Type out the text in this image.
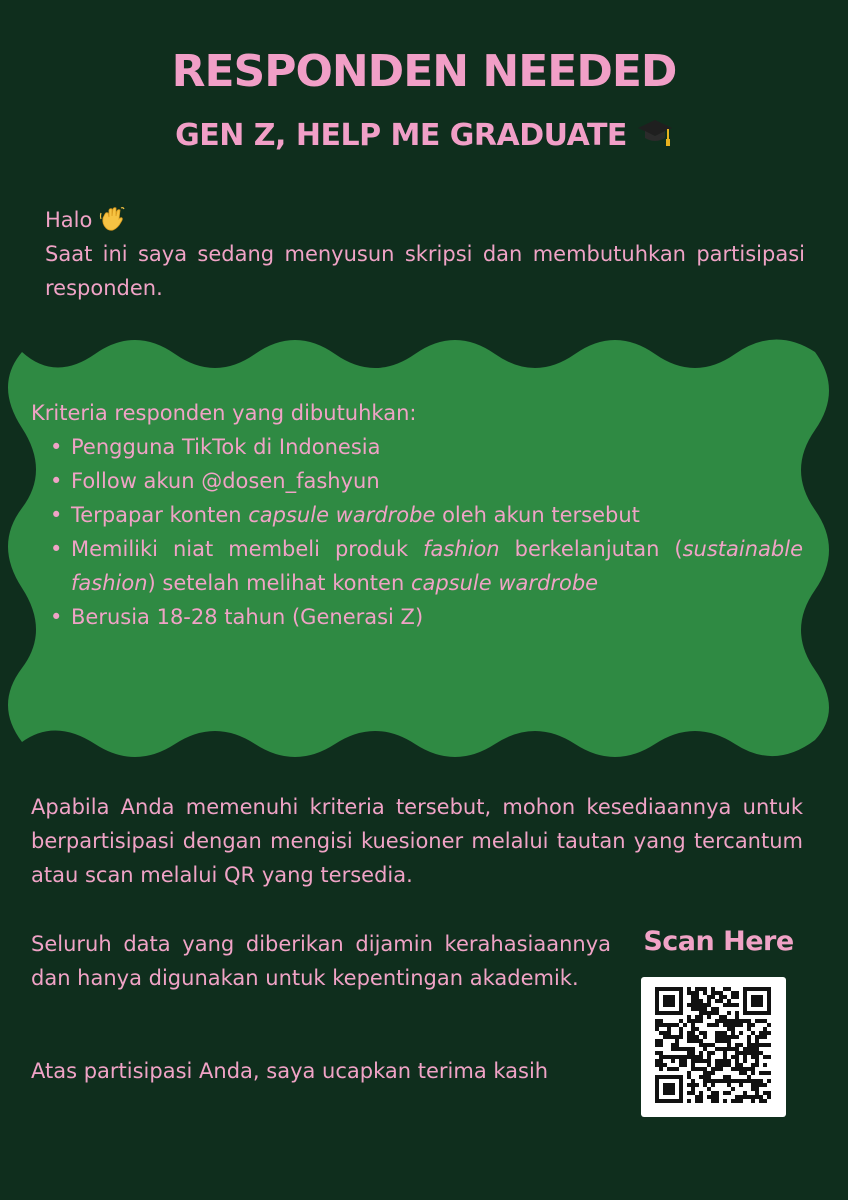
RESPONDEN NEEDED
GEN Z, HELP ME GRADUATE

Halo

Saat ini saya sedang menyusun skripsi dan membutuhkan partisipasi responden.

Kriteria responden yang dibutuhkan:

• Pengguna TikTok di Indonesia
• Follow akun @dosen_fashyun
• Terpapar konten capsule wardrobe oleh akun tersebut
• Memiliki niat membeli produk fashion berkelanjutan (sustainable fashion) setelah melihat konten capsule wardrobe
• Berusia 18-28 tahun (Generasi Z)

Apabila Anda memenuhi kriteria tersebut, mohon kesediaannya untuk berpartisipasi dengan mengisi kuesioner melalui tautan yang tercantum atau scan melalui QR yang tersedia.

Seluruh data yang diberikan dijamin kerahasiaannya dan hanya digunakan untuk kepentingan akademik.

Atas partisipasi Anda, saya ucapkan terima kasih

Scan Here
